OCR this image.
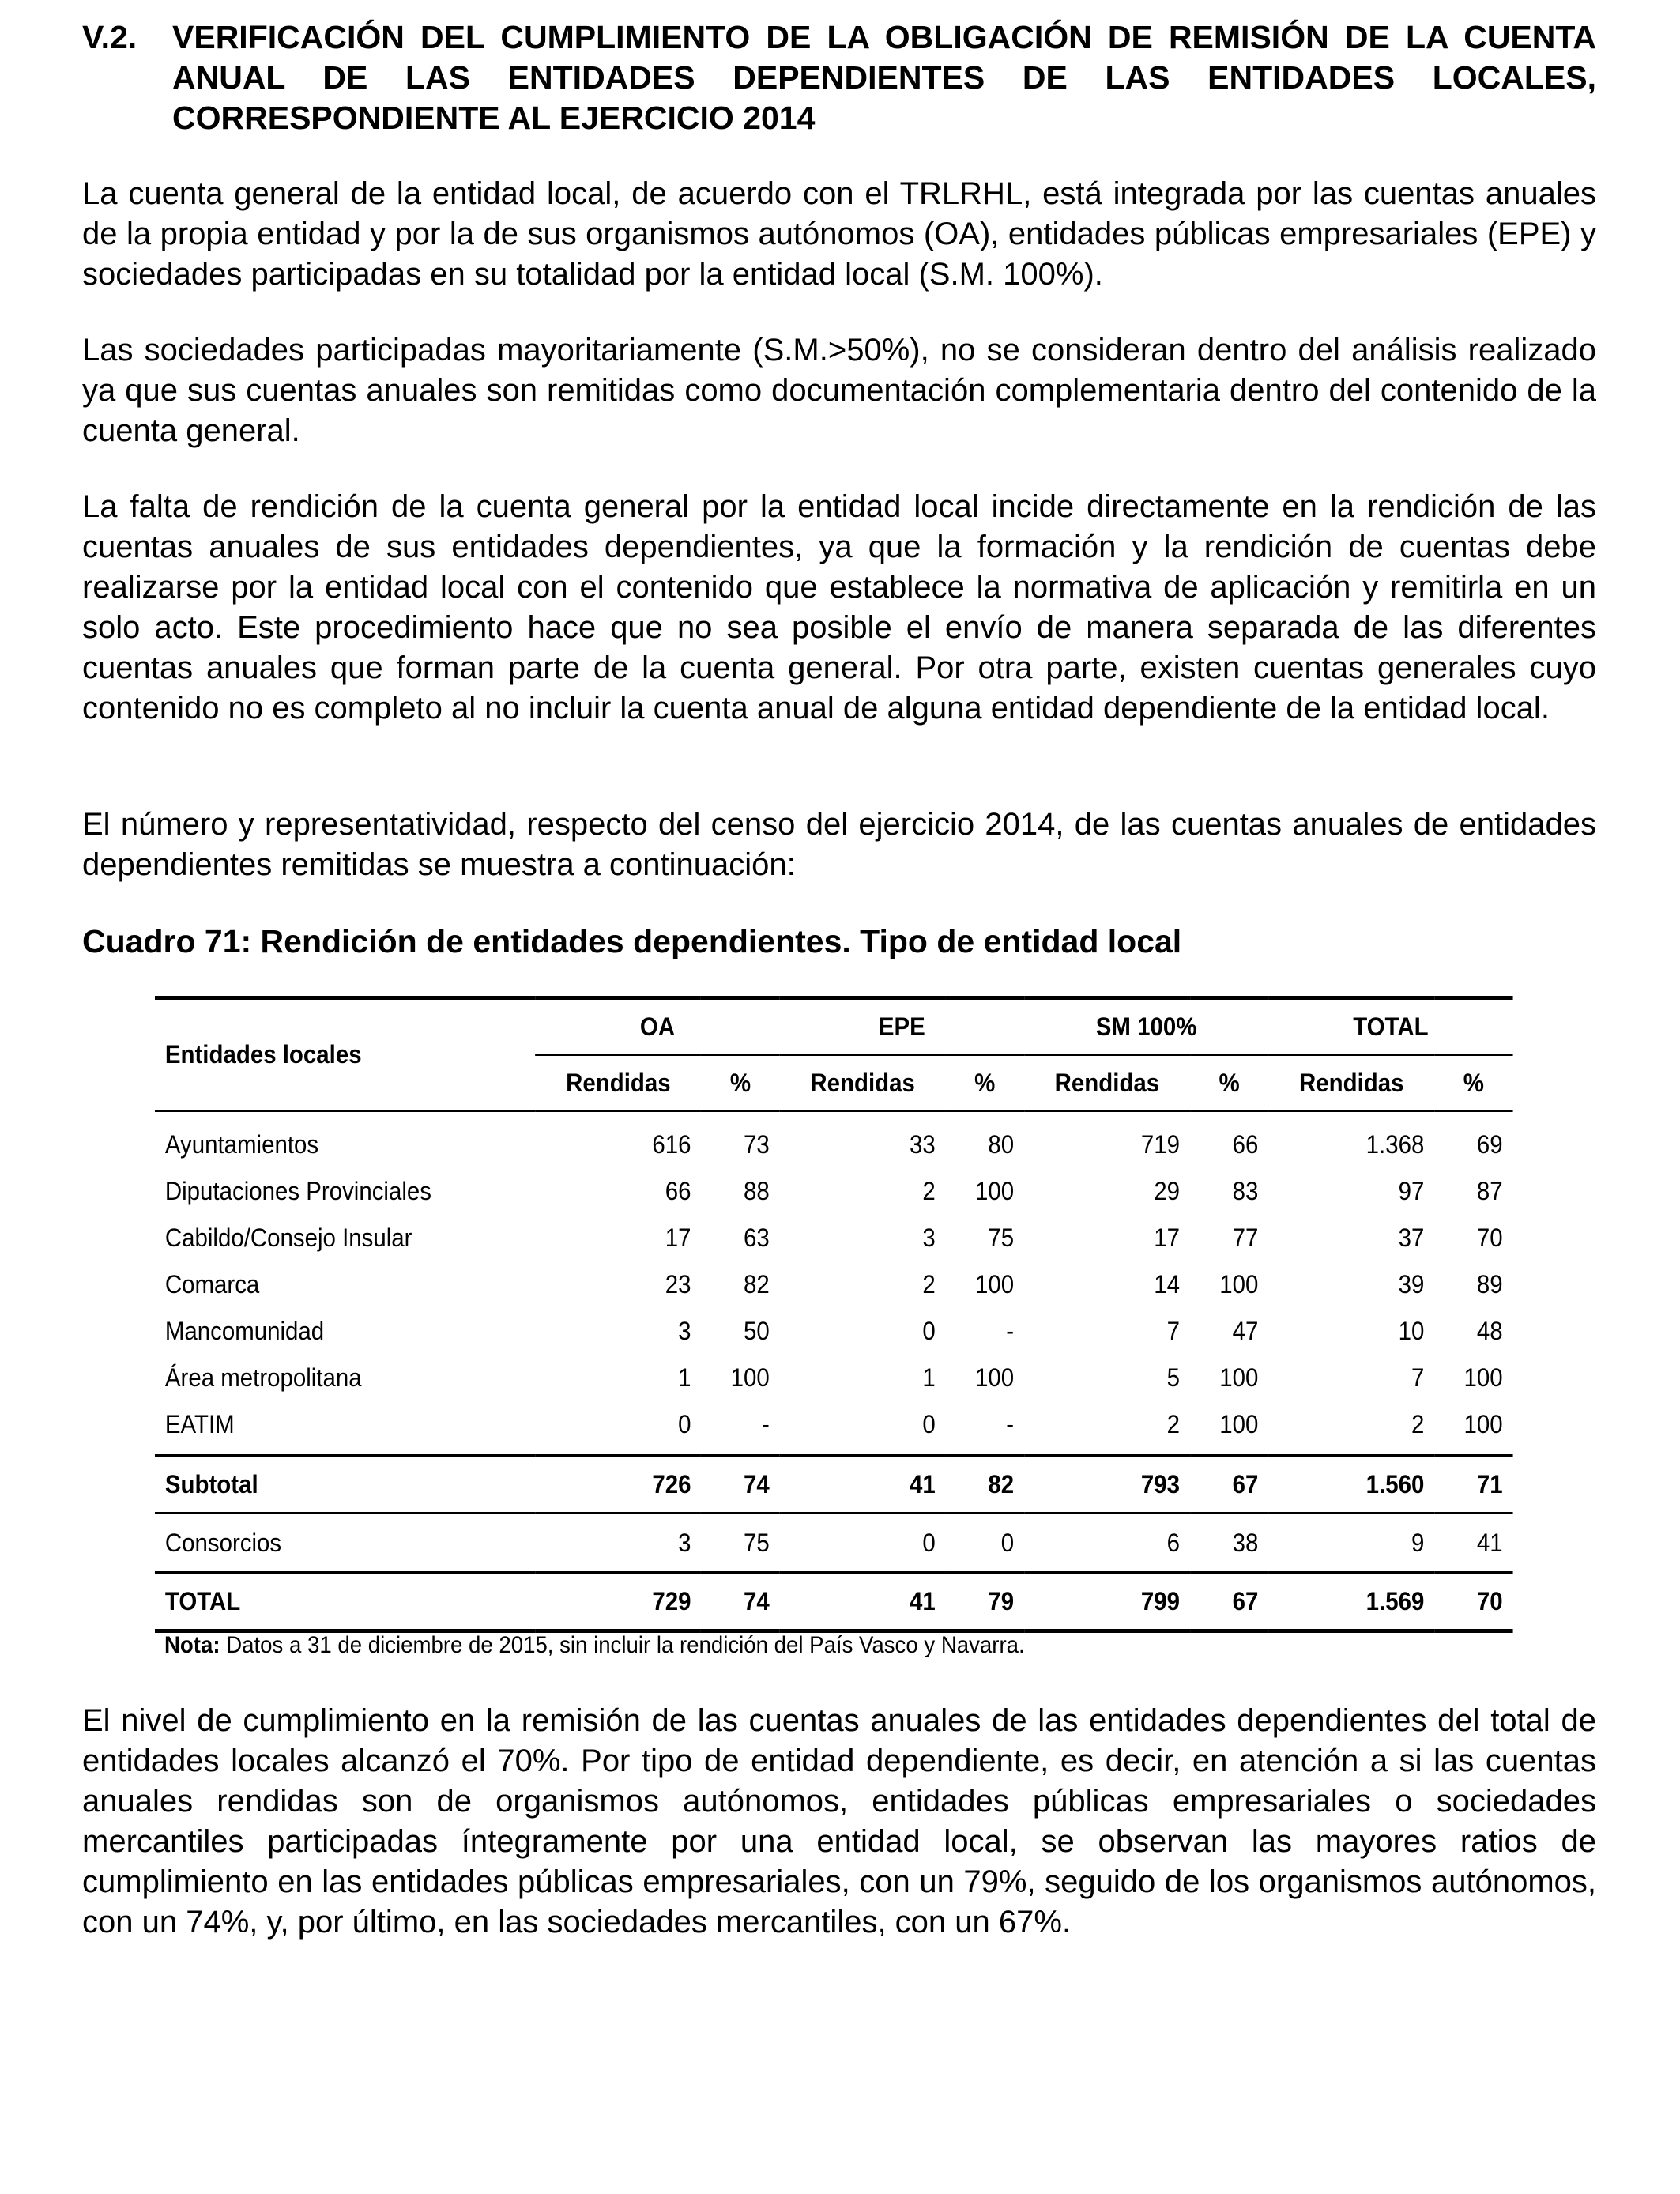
V.2. VERIFICACIÓN DEL CUMPLIMIENTO DE LA OBLIGACIÓN DE REMISIÓN DE LA CUENTA ANUAL DE LAS ENTIDADES DEPENDIENTES DE LAS ENTIDADES LOCALES, CORRESPONDIENTE AL EJERCICIO 2014
La cuenta general de la entidad local, de acuerdo con el TRLRHL, está integrada por las cuentas anuales de la propia entidad y por la de sus organismos autónomos (OA), entidades públicas empresariales (EPE) y sociedades participadas en su totalidad por la entidad local (S.M. 100%).
Las sociedades participadas mayoritariamente (S.M.>50%), no se consideran dentro del análisis realizado ya que sus cuentas anuales son remitidas como documentación complementaria dentro del contenido de la cuenta general.
La falta de rendición de la cuenta general por la entidad local incide directamente en la rendición de las cuentas anuales de sus entidades dependientes, ya que la formación y la rendición de cuentas debe realizarse por la entidad local con el contenido que establece la normativa de aplicación y remitirla en un solo acto. Este procedimiento hace que no sea posible el envío de manera separada de las diferentes cuentas anuales que forman parte de la cuenta general. Por otra parte, existen cuentas generales cuyo contenido no es completo al no incluir la cuenta anual de alguna entidad dependiente de la entidad local.
El número y representatividad, respecto del censo del ejercicio 2014, de las cuentas anuales de entidades dependientes remitidas se muestra a continuación:
Cuadro 71: Rendición de entidades dependientes. Tipo de entidad local
Entidades locales	OA		EPE		SM 100%		TOTAL	
	Rendidas	%	Rendidas	%	Rendidas	%	Rendidas	%
Ayuntamientos	616	73	33	80	719	66	1.368	69
Diputaciones Provinciales	66	88	2	100	29	83	97	87
Cabildo/Consejo Insular	17	63	3	75	17	77	37	70
Comarca	23	82	2	100	14	100	39	89
Mancomunidad	3	50	0	-	7	47	10	48
Área metropolitana	1	100	1	100	5	100	7	100
EATIM	0	-	0	-	2	100	2	100
Subtotal	726	74	41	82	793	67	1.560	71
Consorcios	3	75	0	0	6	38	9	41
TOTAL	729	74	41	79	799	67	1.569	70
Nota: Datos a 31 de diciembre de 2015, sin incluir la rendición del País Vasco y Navarra.
El nivel de cumplimiento en la remisión de las cuentas anuales de las entidades dependientes del total de entidades locales alcanzó el 70%. Por tipo de entidad dependiente, es decir, en atención a si las cuentas anuales rendidas son de organismos autónomos, entidades públicas empresariales o sociedades mercantiles participadas íntegramente por una entidad local, se observan las mayores ratios de cumplimiento en las entidades públicas empresariales, con un 79%, seguido de los organismos autónomos, con un 74%, y, por último, en las sociedades mercantiles, con un 67%.
